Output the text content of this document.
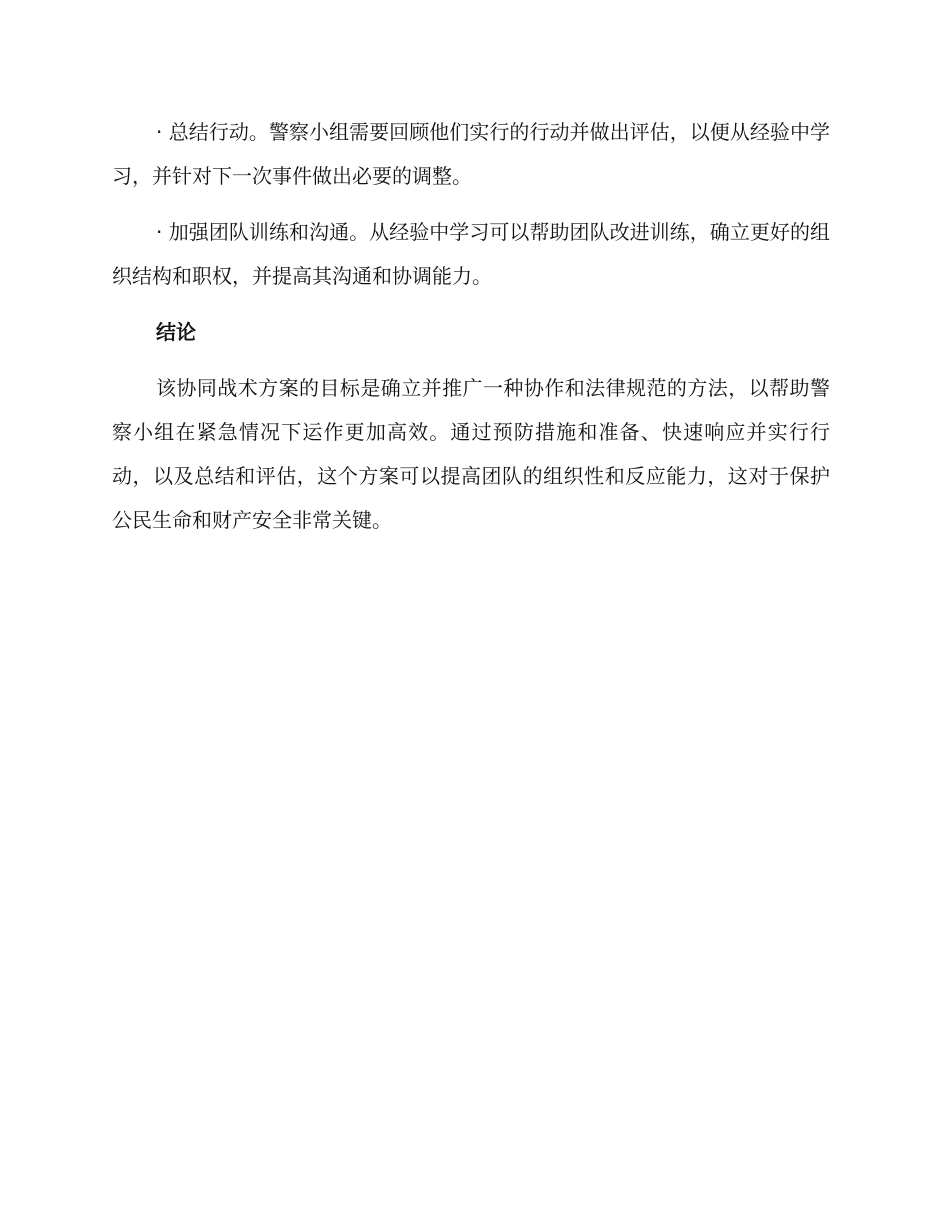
· 总结行动。警察小组需要回顾他们实行的行动并做出评估，以便从经验中学习，并针对下一次事件做出必要的调整。

· 加强团队训练和沟通。从经验中学习可以帮助团队改进训练，确立更好的组织结构和职权，并提高其沟通和协调能力。

结论

该协同战术方案的目标是确立并推广一种协作和法律规范的方法，以帮助警察小组在紧急情况下运作更加高效。通过预防措施和准备、快速响应并实行行动，以及总结和评估，这个方案可以提高团队的组织性和反应能力，这对于保护公民生命和财产安全非常关键。
